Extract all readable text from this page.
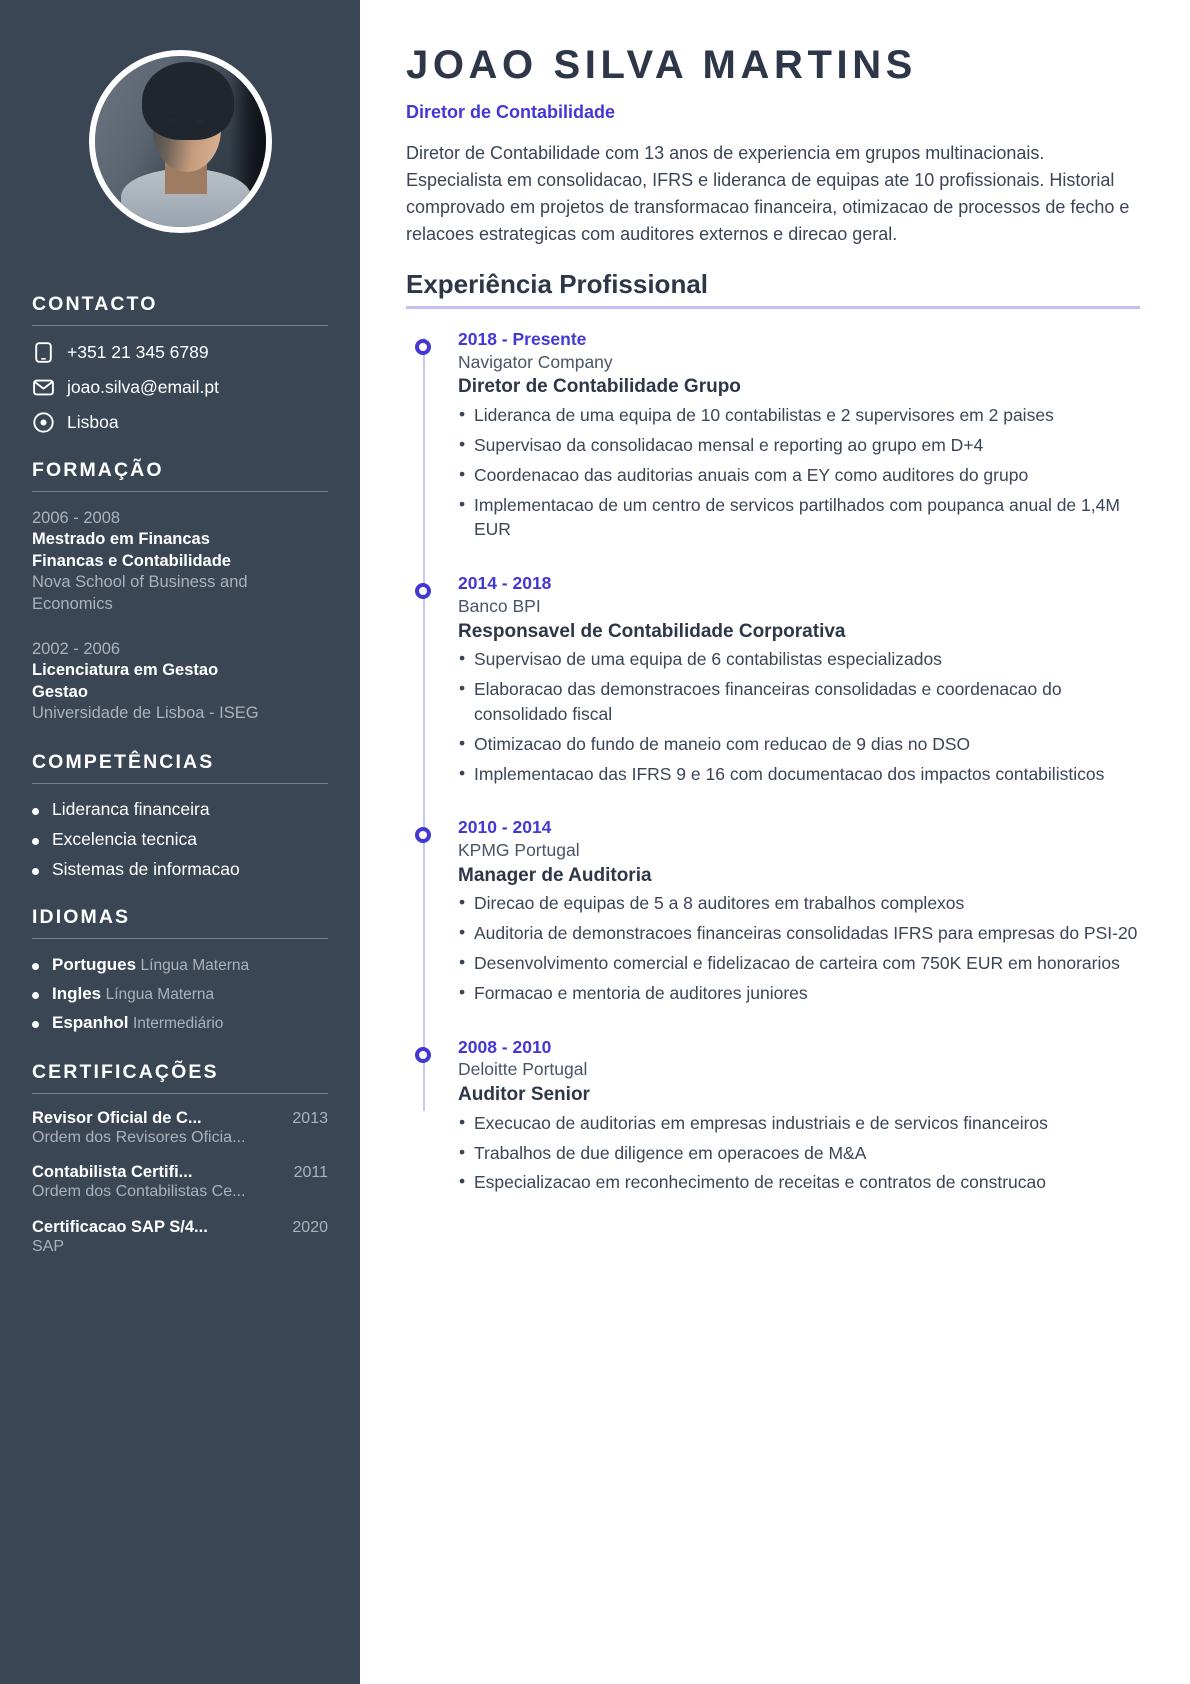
CONTACTO
+351 21 345 6789
joao.silva@email.pt
Lisboa
FORMAÇÃO
2006 - 2008
Mestrado em Financas
Financas e Contabilidade
Nova School of Business and Economics
2002 - 2006
Licenciatura em Gestao
Gestao
Universidade de Lisboa - ISEG
COMPETÊNCIAS
Lideranca financeira
Excelencia tecnica
Sistemas de informacao
IDIOMAS
Portugues Língua Materna
Ingles Língua Materna
Espanhol Intermediário
CERTIFICAÇÕES
Revisor Oficial de C...	2013
Ordem dos Revisores Oficia...
Contabilista Certifi...	2011
Ordem dos Contabilistas Ce...
Certificacao SAP S/4...	2020
SAP
JOAO SILVA MARTINS
Diretor de Contabilidade

Diretor de Contabilidade com 13 anos de experiencia em grupos multinacionais. Especialista em consolidacao, IFRS e lideranca de equipas ate 10 profissionais. Historial comprovado em projetos de transformacao financeira, otimizacao de processos de fecho e relacoes estrategicas com auditores externos e direcao geral.

Experiência Profissional
2018 - Presente
Navigator Company
Diretor de Contabilidade Grupo
• Lideranca de uma equipa de 10 contabilistas e 2 supervisores em 2 paises
• Supervisao da consolidacao mensal e reporting ao grupo em D+4
• Coordenacao das auditorias anuais com a EY como auditores do grupo
• Implementacao de um centro de servicos partilhados com poupanca anual de 1,4M EUR
2014 - 2018
Banco BPI
Responsavel de Contabilidade Corporativa
• Supervisao de uma equipa de 6 contabilistas especializados
• Elaboracao das demonstracoes financeiras consolidadas e coordenacao do consolidado fiscal
• Otimizacao do fundo de maneio com reducao de 9 dias no DSO
• Implementacao das IFRS 9 e 16 com documentacao dos impactos contabilisticos
2010 - 2014
KPMG Portugal
Manager de Auditoria
• Direcao de equipas de 5 a 8 auditores em trabalhos complexos
• Auditoria de demonstracoes financeiras consolidadas IFRS para empresas do PSI-20
• Desenvolvimento comercial e fidelizacao de carteira com 750K EUR em honorarios
• Formacao e mentoria de auditores juniores
2008 - 2010
Deloitte Portugal
Auditor Senior
• Execucao de auditorias em empresas industriais e de servicos financeiros
• Trabalhos de due diligence em operacoes de M&A
• Especializacao em reconhecimento de receitas e contratos de construcao
